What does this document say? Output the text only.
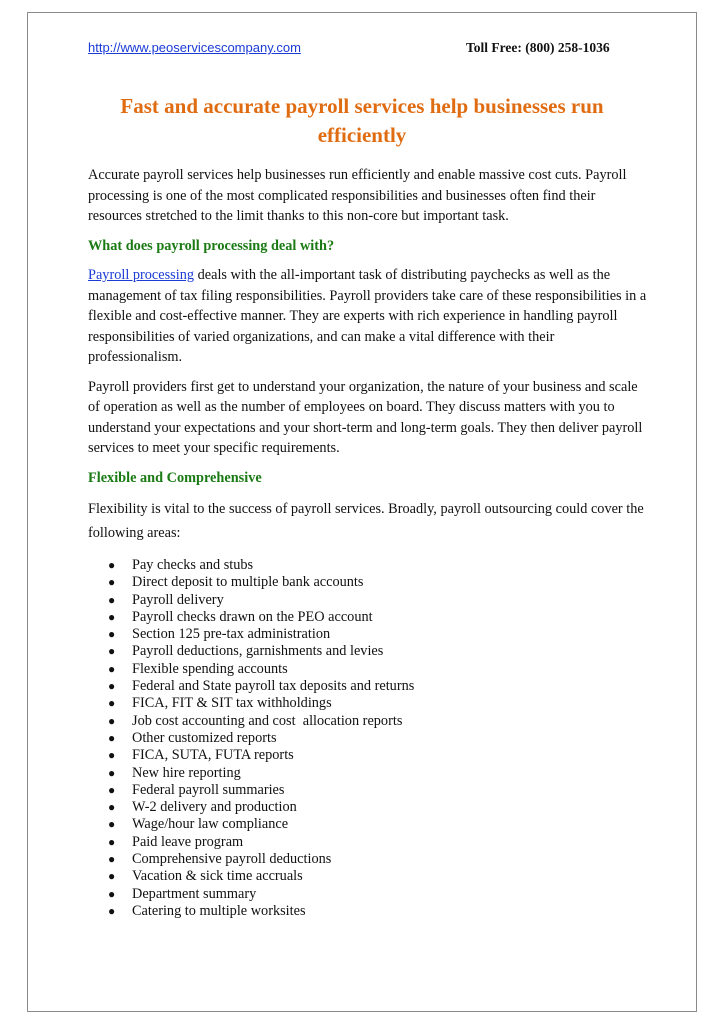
http://www.peoservicescompany.com	Toll Free: (800) 258-1036
Fast and accurate payroll services help businesses run efficiently

Accurate payroll services help businesses run efficiently and enable massive cost cuts. Payroll processing is one of the most complicated responsibilities and businesses often find their resources stretched to the limit thanks to this non-core but important task.

What does payroll processing deal with?

Payroll processing deals with the all-important task of distributing paychecks as well as the management of tax filing responsibilities. Payroll providers take care of these responsibilities in a flexible and cost-effective manner. They are experts with rich experience in handling payroll responsibilities of varied organizations, and can make a vital difference with their professionalism.

Payroll providers first get to understand your organization, the nature of your business and scale of operation as well as the number of employees on board. They discuss matters with you to understand your expectations and your short-term and long-term goals. They then deliver payroll services to meet your specific requirements.

Flexible and Comprehensive

Flexibility is vital to the success of payroll services. Broadly, payroll outsourcing could cover the following areas:

● Pay checks and stubs
● Direct deposit to multiple bank accounts
● Payroll delivery
● Payroll checks drawn on the PEO account
● Section 125 pre-tax administration
● Payroll deductions, garnishments and levies
● Flexible spending accounts
● Federal and State payroll tax deposits and returns
● FICA, FIT & SIT tax withholdings
● Job cost accounting and cost  allocation reports
● Other customized reports
● FICA, SUTA, FUTA reports
● New hire reporting
● Federal payroll summaries
● W-2 delivery and production
● Wage/hour law compliance
● Paid leave program
● Comprehensive payroll deductions
● Vacation & sick time accruals
● Department summary
● Catering to multiple worksites
